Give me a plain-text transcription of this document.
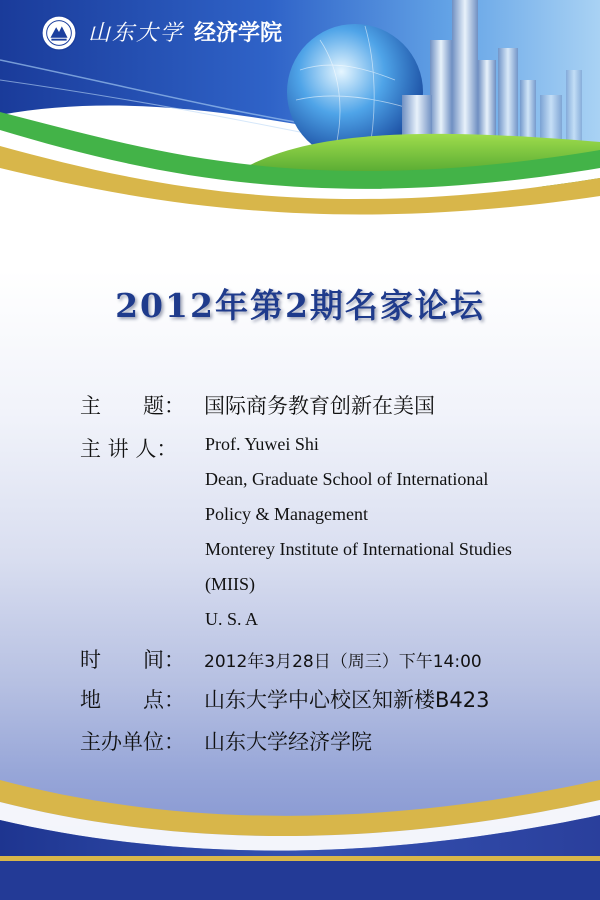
山东大学 经济学院
2012年第2期名家论坛
主　　题： 国际商务教育创新在美国
主 讲 人：	Prof. Yuwei Shi
Dean, Graduate School of International
Policy & Management
Monterey Institute of International Studies
(MIIS)
U. S. A
时　　间： 2012年3月28日（周三）下午14:00
地　　点： 山东大学中心校区知新楼B423
主办单位： 山东大学经济学院
